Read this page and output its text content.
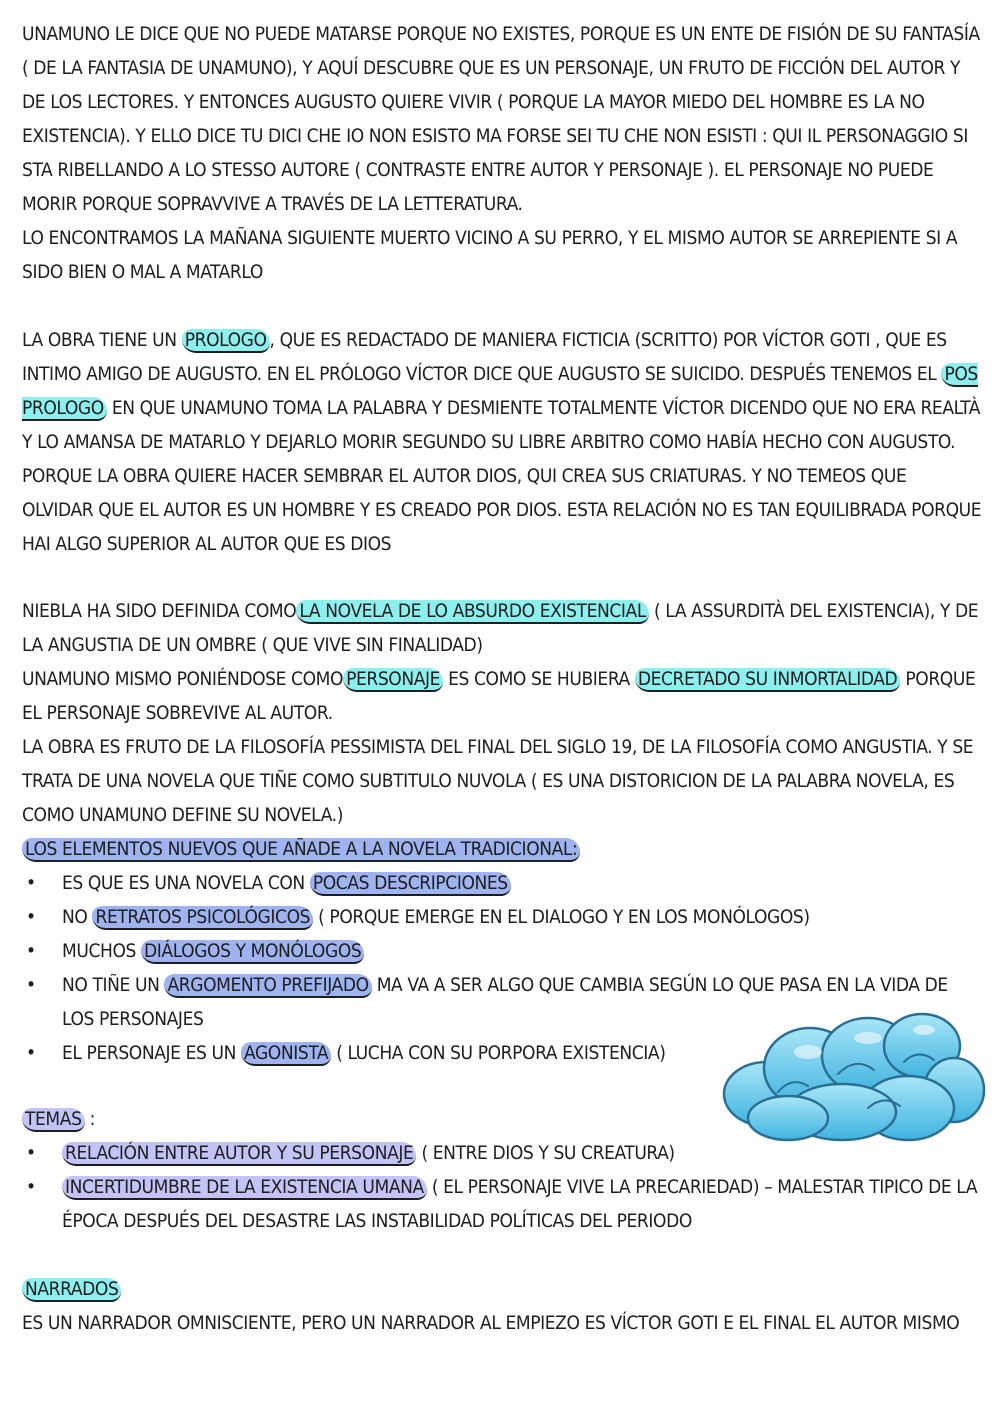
UNAMUNO LE DICE QUE NO PUEDE MATARSE PORQUE NO EXISTES, PORQUE ES UN ENTE DE FISIÓN DE SU FANTASÍA ( DE LA FANTASIA DE UNAMUNO), Y AQUÍ DESCUBRE QUE ES UN PERSONAJE, UN FRUTO DE FICCIÓN DEL AUTOR Y DE LOS LECTORES. Y ENTONCES AUGUSTO QUIERE VIVIR ( PORQUE LA MAYOR MIEDO DEL HOMBRE ES LA NO EXISTENCIA). Y ELLO DICE TU DICI CHE IO NON ESISTO MA FORSE SEI TU CHE NON ESISTI : QUI IL PERSONAGGIO SI STA RIBELLANDO A LO STESSO AUTORE ( CONTRASTE ENTRE AUTOR Y PERSONAJE ). EL PERSONAJE NO PUEDE MORIR PORQUE SOPRAVVIVE A TRAVÉS DE LA LETTERATURA.

LO ENCONTRAMOS LA MAÑANA SIGUIENTE MUERTO VICINO A SU PERRO, Y EL MISMO AUTOR SE ARREPIENTE SI A SIDO BIEN O MAL A MATARLO

LA OBRA TIENE UN PROLOGO , QUE ES REDACTADO DE MANIERA FICTICIA (SCRITTO) POR VÍCTOR GOTI , QUE ES INTIMO AMIGO DE AUGUSTO. EN EL PRÓLOGO VÍCTOR DICE QUE AUGUSTO SE SUICIDO. DESPUÉS TENEMOS EL POS PROLOGO EN QUE UNAMUNO TOMA LA PALABRA Y DESMIENTE TOTALMENTE VÍCTOR DICENDO QUE NO ERA REALTÀ Y LO AMANSA DE MATARLO Y DEJARLO MORIR SEGUNDO SU LIBRE ARBITRO COMO HABÍA HECHO CON AUGUSTO.

PORQUE LA OBRA QUIERE HACER SEMBRAR EL AUTOR DIOS, QUI CREA SUS CRIATURAS. Y NO TEMEOS QUE OLVIDAR QUE EL AUTOR ES UN HOMBRE Y ES CREADO POR DIOS. ESTA RELACIÓN NO ES TAN EQUILIBRADA PORQUE HAI ALGO SUPERIOR AL AUTOR QUE ES DIOS

NIEBLA HA SIDO DEFINIDA COMO LA NOVELA DE LO ABSURDO EXISTENCIAL ( LA ASSURDITÀ DEL EXISTENCIA), Y DE LA ANGUSTIA DE UN OMBRE ( QUE VIVE SIN FINALIDAD)

UNAMUNO MISMO PONIÉNDOSE COMO PERSONAJE ES COMO SE HUBIERA DECRETADO SU INMORTALIDAD PORQUE EL PERSONAJE SOBREVIVE AL AUTOR.

LA OBRA ES FRUTO DE LA FILOSOFÍA PESSIMISTA DEL FINAL DEL SIGLO 19, DE LA FILOSOFÍA COMO ANGUSTIA. Y SE TRATA DE UNA NOVELA QUE TIÑE COMO SUBTITULO NUVOLA ( ES UNA DISTORICION DE LA PALABRA NOVELA, ES COMO UNAMUNO DEFINE SU NOVELA.)

LOS ELEMENTOS NUEVOS QUE AÑADE A LA NOVELA TRADICIONAL:

• ES QUE ES UNA NOVELA CON POCAS DESCRIPCIONES
• NO RETRATOS PSICOLÓGICOS ( PORQUE EMERGE EN EL DIALOGO Y EN LOS MONÓLOGOS)
• MUCHOS DIÁLOGOS Y MONÓLOGOS
• NO TIÑE UN ARGOMENTO PREFIJADO MA VA A SER ALGO QUE CAMBIA SEGÚN LO QUE PASA EN LA VIDA DE LOS PERSONAJES
• EL PERSONAJE ES UN AGONISTA ( LUCHA CON SU PORPORA EXISTENCIA)

TEMAS :

• RELACIÓN ENTRE AUTOR Y SU PERSONAJE ( ENTRE DIOS Y SU CREATURA)
• INCERTIDUMBRE DE LA EXISTENCIA UMANA ( EL PERSONAJE VIVE LA PRECARIEDAD) – MALESTAR TIPICO DE LA ÉPOCA DESPUÉS DEL DESASTRE LAS INSTABILIDAD POLÍTICAS DEL PERIODO

NARRADOS

ES UN NARRADOR OMNISCIENTE, PERO UN NARRADOR AL EMPIEZO ES VÍCTOR GOTI E EL FINAL EL AUTOR MISMO
